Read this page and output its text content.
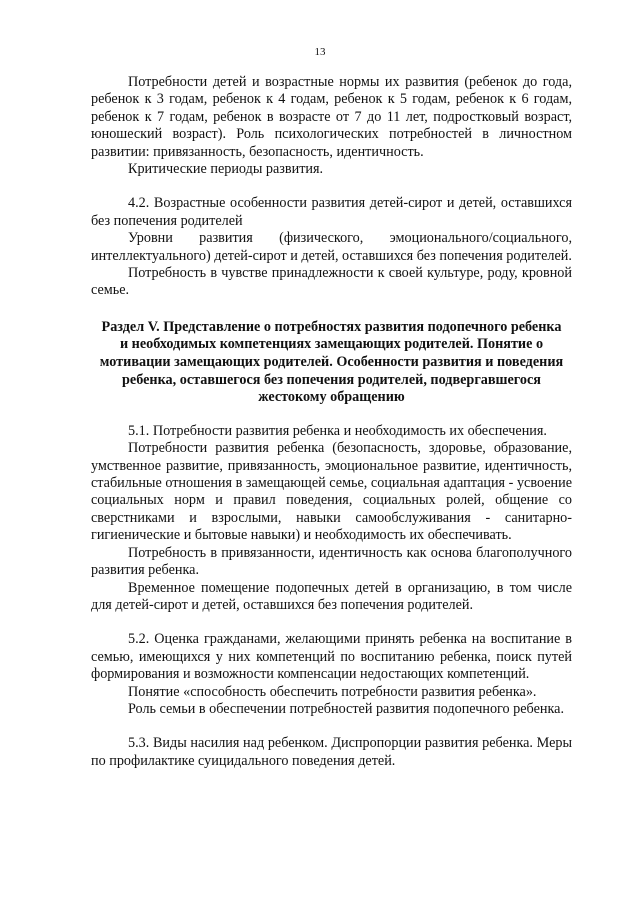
13

Потребности детей и возрастные нормы их развития (ребенок до года, ребенок к 3 годам, ребенок к 4 годам, ребенок к 5 годам, ребенок к 6 годам, ребенок к 7 годам, ребенок в возрасте от 7 до 11 лет, подростковый возраст, юношеский возраст). Роль психологических потребностей в личностном развитии: привязанность, безопасность, идентичность.

Критические периоды развития.

4.2. Возрастные особенности развития детей-сирот и детей, оставшихся без попечения родителей

Уровни развития (физического, эмоционального/социального, интеллектуального) детей-сирот и детей, оставшихся без попечения родителей.

Потребность в чувстве принадлежности к своей культуре, роду, кровной семье.

Раздел V. Представление о потребностях развития подопечного ребенка и необходимых компетенциях замещающих родителей. Понятие о мотивации замещающих родителей. Особенности развития и поведения ребенка, оставшегося без попечения родителей, подвергавшегося жестокому обращению

5.1. Потребности развития ребенка и необходимость их обеспечения.

Потребности развития ребенка (безопасность, здоровье, образование, умственное развитие, привязанность, эмоциональное развитие, идентичность, стабильные отношения в замещающей семье, социальная адаптация - усвоение социальных норм и правил поведения, социальных ролей, общение со сверстниками и взрослыми, навыки самообслуживания - санитарно-гигиенические и бытовые навыки) и необходимость их обеспечивать.

Потребность в привязанности, идентичность как основа благополучного развития ребенка.

Временное помещение подопечных детей в организацию, в том числе для детей-сирот и детей, оставшихся без попечения родителей.

5.2. Оценка гражданами, желающими принять ребенка на воспитание в семью, имеющихся у них компетенций по воспитанию ребенка, поиск путей формирования и возможности компенсации недостающих компетенций.

Понятие «способность обеспечить потребности развития ребенка».

Роль семьи в обеспечении потребностей развития подопечного ребенка.

5.3. Виды насилия над ребенком. Диспропорции развития ребенка. Меры по профилактике суицидального поведения детей.
